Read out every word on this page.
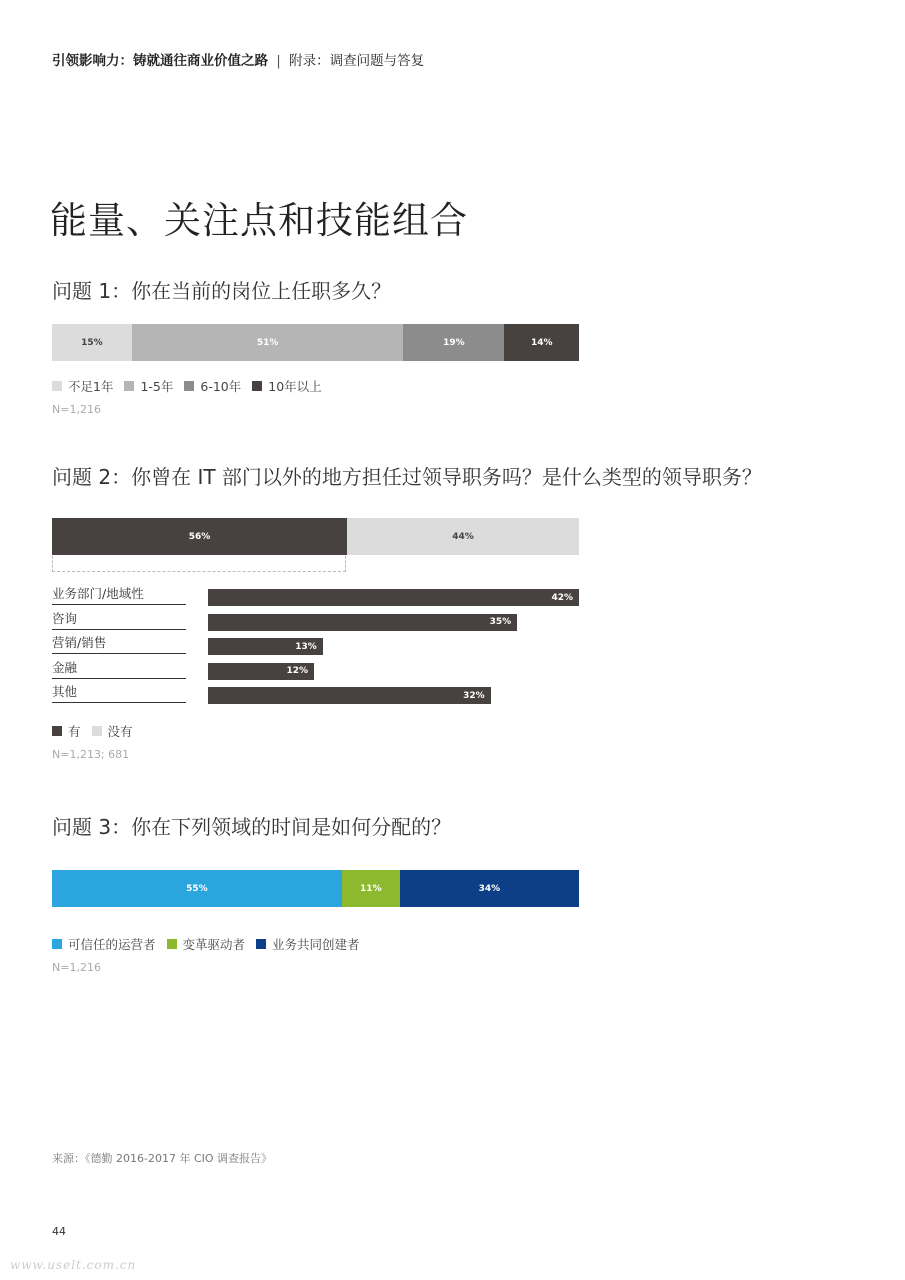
引领影响力：铸就通往商业价值之路 | 附录：调查问题与答复
能量、关注点和技能组合
问题 1：你在当前的岗位上任职多久？
15%	51%	19%	14%
不足1年 1-5年 6-10年 10年以上
N=1,216
问题 2：你曾在 IT 部门以外的地方担任过领导职务吗？是什么类型的领导职务？
56%	44%
业务部门/地域性	42%
咨询	35%
营销/销售	13%
金融	12%
其他	32%
有 没有
N=1,213; 681
问题 3：你在下列领域的时间是如何分配的？
55%	11%	34%
可信任的运营者 变革驱动者 业务共同创建者
N=1,216
来源：《德勤 2016-2017 年 CIO 调查报告》
44
www.uselt.com.cn
